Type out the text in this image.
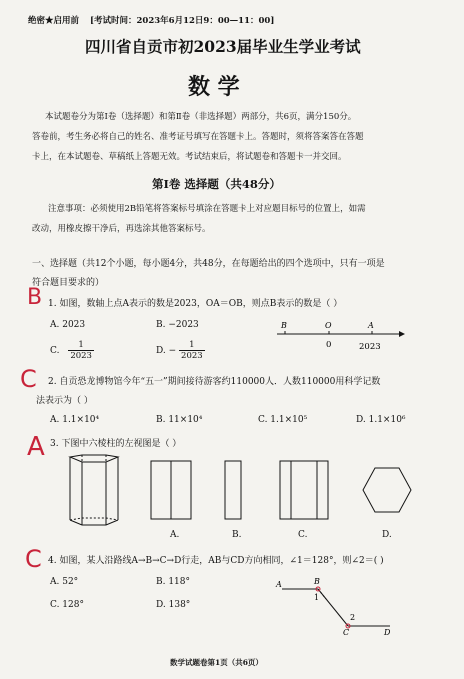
绝密★启用前 [考试时间：2023年6月12日9：00—11：00]
四川省自贡市初2023届毕业生学业考试
数 学
本试题卷分为第Ⅰ卷（选择题）和第Ⅱ卷（非选择题）两部分，共6页，满分150分。
答卷前，考生务必将自己的姓名、准考证号填写在答题卡上。答题时，须将答案答在答题
卡上，在本试题卷、草稿纸上答题无效。考试结束后，将试题卷和答题卡一并交回。
第Ⅰ卷 选择题（共48分）
注意事项：必须使用2B铅笔将答案标号填涂在答题卡上对应题目标号的位置上，如需
改动，用橡皮擦干净后，再选涂其他答案标号。
一、选择题（共12个小题，每小题4分，共48分，在每题给出的四个选项中，只有一项是
符合题目要求的）
B 1. 如图，数轴上点A表示的数是2023，OA＝OB，则点B表示的数是（ ）
A. 2023	B. −2023
C. $\frac{1}{2023}$	D. − $\frac{1}{2023}$
B	O	A
0	2023
C 2. 自贡恐龙博物馆今年“五一”期间接待游客约110000人．人数110000用科学记数
法表示为（ ）
A. 1.1×10⁴	B. 11×10⁴	C. 1.1×10⁵	D. 1.1×10⁶
A 3. 下图中六棱柱的左视图是（ ）
A.	B.	C.	D.
C 4. 如图，某人沿路线A→B→C→D行走，AB与CD方向相同，∠1＝128°，则∠2＝( )
A. 52°	B. 118°
C. 128°	D. 138°
A	B
C	D
1
2
数学试题卷第1页（共6页）
